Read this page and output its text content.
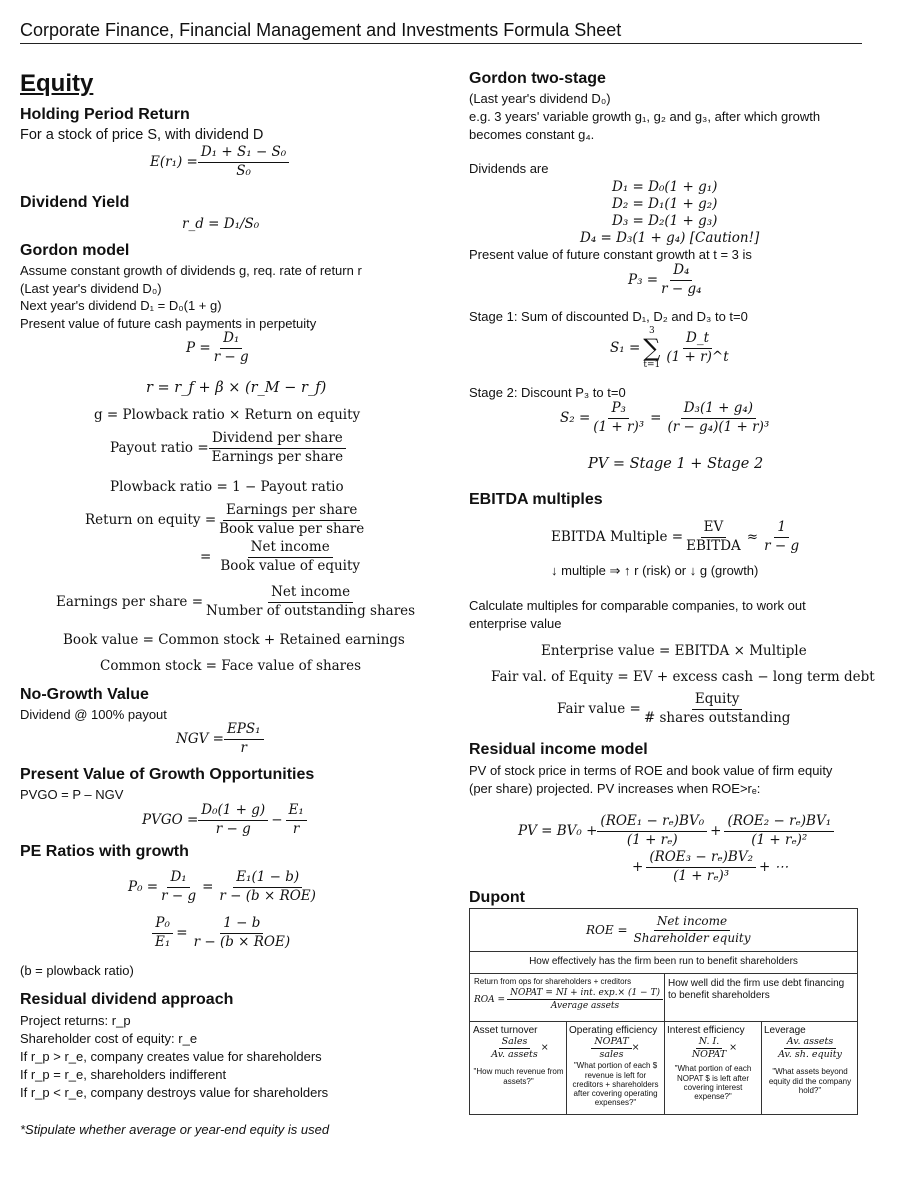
Corporate Finance, Financial Management and Investments Formula Sheet
Equity
Holding Period Return
For a stock of price S, with dividend D
$E(r_1) = \frac{\text{D₁ + S₁ − S₀}}{\text{S₀}}$
Dividend Yield
r_d = D₁/S₀
Gordon model
Assume constant growth of dividends g, req. rate of return r
(Last year's dividend D₀)
Next year's dividend D₁ = D₀(1 + g)
Present value of future cash payments in perpetuity
$P = \frac{\text{D₁}}{r - g}$
r = r_f + β × (r_M − r_f)
g = Plowback ratio × Return on equity
Payout ratio = $\frac{\text{Dividend per share}}{\text{Earnings per share}}$
Plowback ratio = 1 − Payout ratio
Return on equity = $\frac{\text{Earnings per share}}{\text{Book value per share}}$
= $\frac{\text{Net income}}{\text{Book value of equity}}$
Earnings per share = $\frac{\text{Net income}}{\text{Number of outstanding shares}}$
Book value = Common stock + Retained earnings
Common stock = Face value of shares
No-Growth Value
Dividend @ 100% payout
NGV = $\frac{\text{EPS₁}}{r}$
Present Value of Growth Opportunities
PVGO = P – NGV
PVGO = $\frac{\text{D₀(1 + g)}}{r - g} - \frac{\text{E₁}}{r}$
PE Ratios with growth
$P_0 = \frac{\text{D₁}}{r - g} = \frac{\text{E₁(1 − b)}}{\text{r − (b × ROE)}}$
$\frac{\text{P₀}}{\text{E₁}} = \frac{1 - b}{\text{r − (b × ROE)}}$
(b = plowback ratio)
Residual dividend approach
Project returns: r_p
Shareholder cost of equity: r_e
If r_p > r_e, company creates value for shareholders
If r_p = r_e, shareholders indifferent
If r_p < r_e, company destroys value for shareholders
*Stipulate whether average or year-end equity is used
Gordon two-stage
(Last year's dividend D₀)
e.g. 3 years' variable growth g₁, g₂ and g₃, after which growth
becomes constant g₄.
Dividends are
D₁ = D₀(1 + g₁)
D₂ = D₁(1 + g₂)
D₃ = D₂(1 + g₃)
D₄ = D₃(1 + g₄) [Caution!]
Present value of future constant growth at t = 3 is
$P_3 = \frac{\text{D₄}}{\text{r − g₄}}$
Stage 1: Sum of discounted D₁, D₂ and D₃ to t=0
S₁ =
3
∑
$t=1 \frac{D\_t}{(1 + r)\^{}t}$
Stage 2: Discount P₃ to t=0
$S_2 = \frac{\text{P₃}}{\text{(1 + r)³}} = \frac{\text{D₃(1 + g₄)}}{\text{(r − g₄)(1 + r)³}}$
PV = Stage 1 + Stage 2
EBITDA multiples
EBITDA Multiple = $\frac{EV}{\text{EBITDA}} \approx \frac{1}{r - g}$
↓ multiple ⇒ ↑ r (risk) or ↓ g (growth)
Calculate multiples for comparable companies, to work out
enterprise value
Enterprise value = EBITDA × Multiple
Fair val. of Equity = EV + excess cash − long term debt
Fair value = $\frac{\text{Equity}}{\text{\# shares outstanding}}$
Residual income model
PV of stock price in terms of ROE and book value of firm equity
(per share) projected. PV increases when ROE>rₑ:
PV = $BV_0 + \frac{\text{(ROE₁ − rₑ)BV₀}}{\text{(1 + rₑ)}} + \frac{\text{(ROE₂ − rₑ)BV₁}}{\text{(1 + rₑ)²}}$
+ $\frac{\text{(ROE₃ − rₑ)BV₂}}{\text{(1 + rₑ)³}}$ + ⋯
Dupont
ROE = $\frac{\text{Net income}}{\text{Shareholder equity}}$
How effectively has the firm been run to benefit shareholders
Return from ops for shareholders + creditors
ROA = $\frac{\text{NOPAT = NI + int. exp.× (1 − T)}}{\text{Average assets}}$
How well did the firm use debt financing to benefit shareholders
Asset turnover
$\frac{\text{Sales}}{\text{Av. assets}}$ ×
"How much revenue from assets?"
Operating efficiency
$\frac{\text{NOPAT}}{\text{sales}}$ ×
"What portion of each $ revenue is left for creditors + shareholders after covering operating expenses?"
Interest efficiency
$\frac{N. I.}{\text{NOPAT}}$ ×
"What portion of each NOPAT $ is left after covering interest expense?"
Leverage
$\frac{\text{Av. assets}}{\text{Av. sh. equity}}$
"What assets beyond equity did the company hold?"
